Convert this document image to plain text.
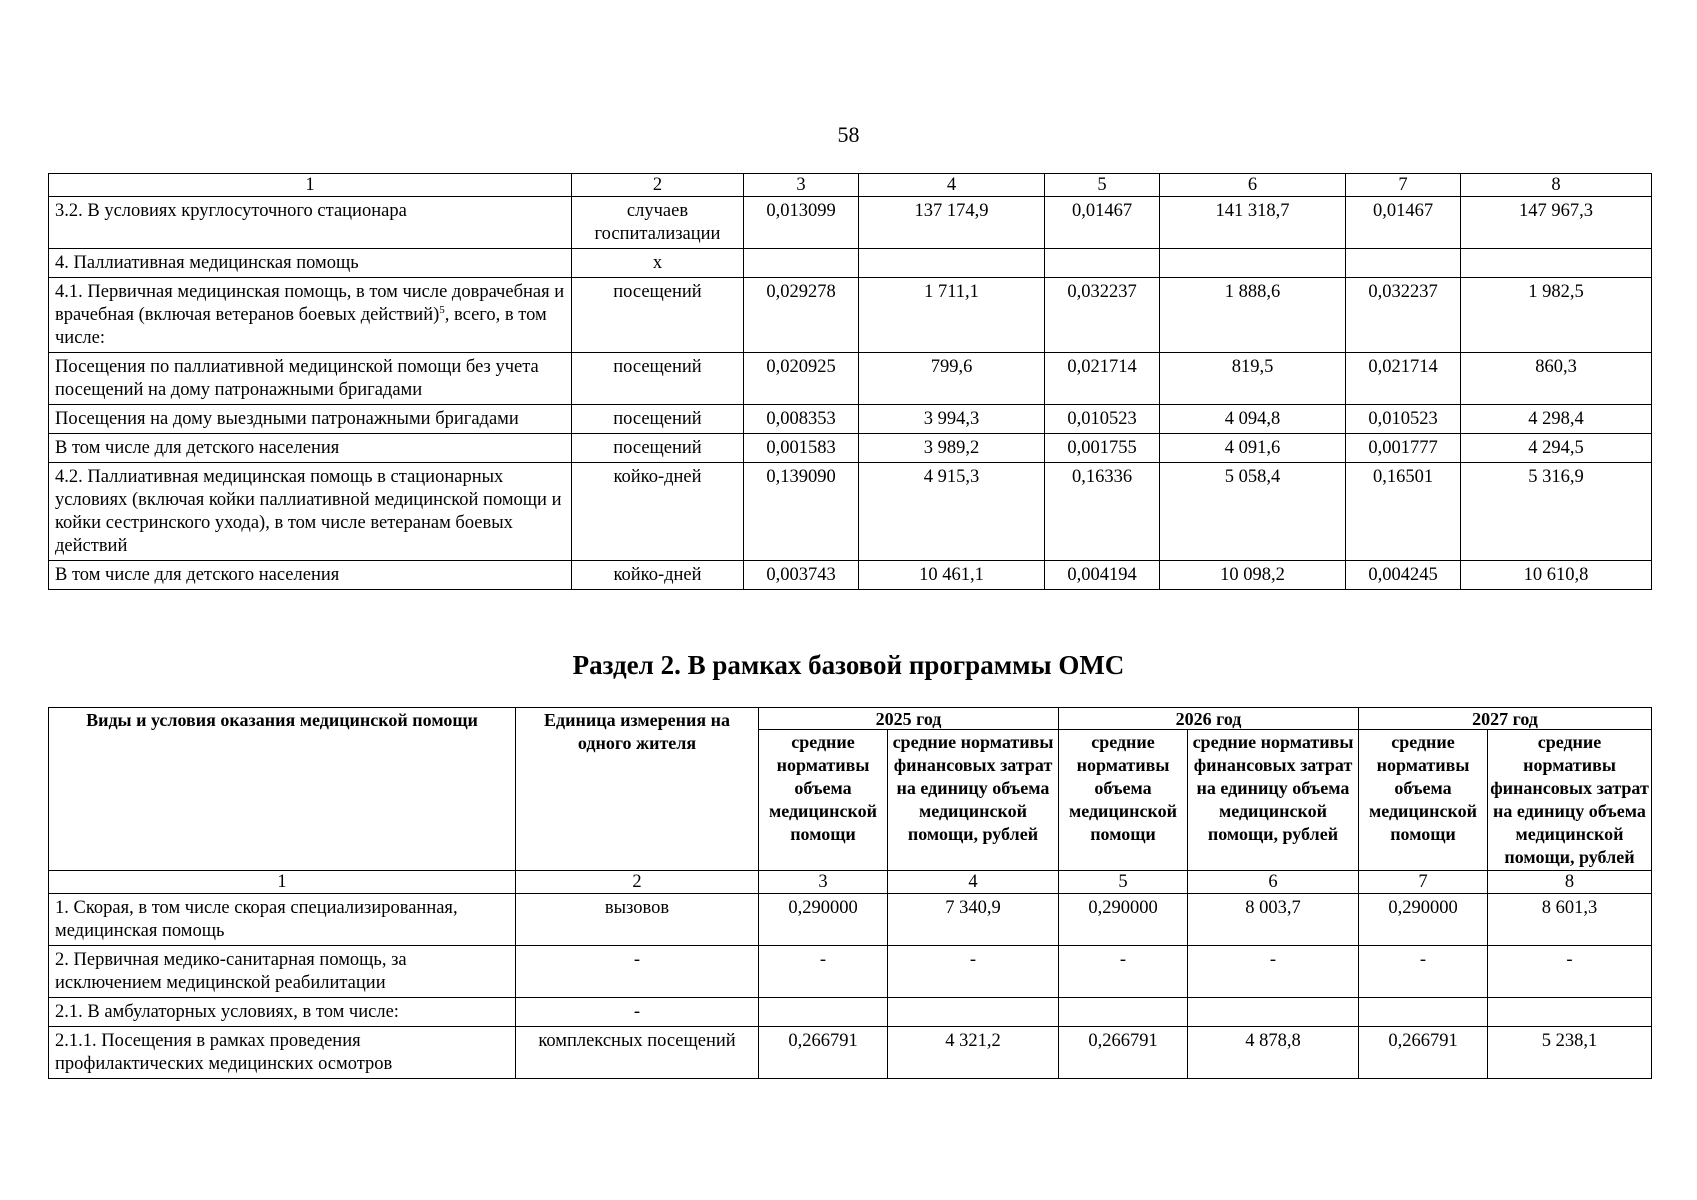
58
1	2	3	4	5	6	7	8
3.2. В условиях круглосуточного стационара	случаев госпитализации	0,013099	137 174,9	0,01467	141 318,7	0,01467	147 967,3
4. Паллиативная медицинская помощь	х						
4.1. Первичная медицинская помощь, в том числе доврачебная и врачебная (включая ветеранов боевых действий)$^5$, всего, в том числе:	посещений	0,029278	1 711,1	0,032237	1 888,6	0,032237	1 982,5
Посещения по паллиативной медицинской помощи без учета посещений на дому патронажными бригадами	посещений	0,020925	799,6	0,021714	819,5	0,021714	860,3
Посещения на дому выездными патронажными бригадами	посещений	0,008353	3 994,3	0,010523	4 094,8	0,010523	4 298,4
В том числе для детского населения	посещений	0,001583	3 989,2	0,001755	4 091,6	0,001777	4 294,5
4.2. Паллиативная медицинская помощь в стационарных условиях (включая койки паллиативной медицинской помощи и койки сестринского ухода), в том числе ветеранам боевых действий	койко-дней	0,139090	4 915,3	0,16336	5 058,4	0,16501	5 316,9
В том числе для детского населения	койко-дней	0,003743	10 461,1	0,004194	10 098,2	0,004245	10 610,8
Раздел 2. В рамках базовой программы ОМС
Виды и условия оказания медицинской помощи	Единица измерения на одного жителя	2025 год		2026 год		2027 год	
		средние нормативы объема медицинской помощи	средние нормативы финансовых затрат на единицу объема медицинской помощи, рублей	средние нормативы объема медицинской помощи	средние нормативы финансовых затрат на единицу объема медицинской помощи, рублей	средние нормативы объема медицинской помощи	средние нормативы финансовых затрат на единицу объема медицинской помощи, рублей
1	2	3	4	5	6	7	8
1. Скорая, в том числе скорая специализированная, медицинская помощь	вызовов	0,290000	7 340,9	0,290000	8 003,7	0,290000	8 601,3
2. Первичная медико-санитарная помощь, за исключением медицинской реабилитации	-	-	-	-	-	-	-
2.1. В амбулаторных условиях, в том числе:	-						
2.1.1. Посещения в рамках проведения профилактических медицинских осмотров	комплексных посещений	0,266791	4 321,2	0,266791	4 878,8	0,266791	5 238,1
